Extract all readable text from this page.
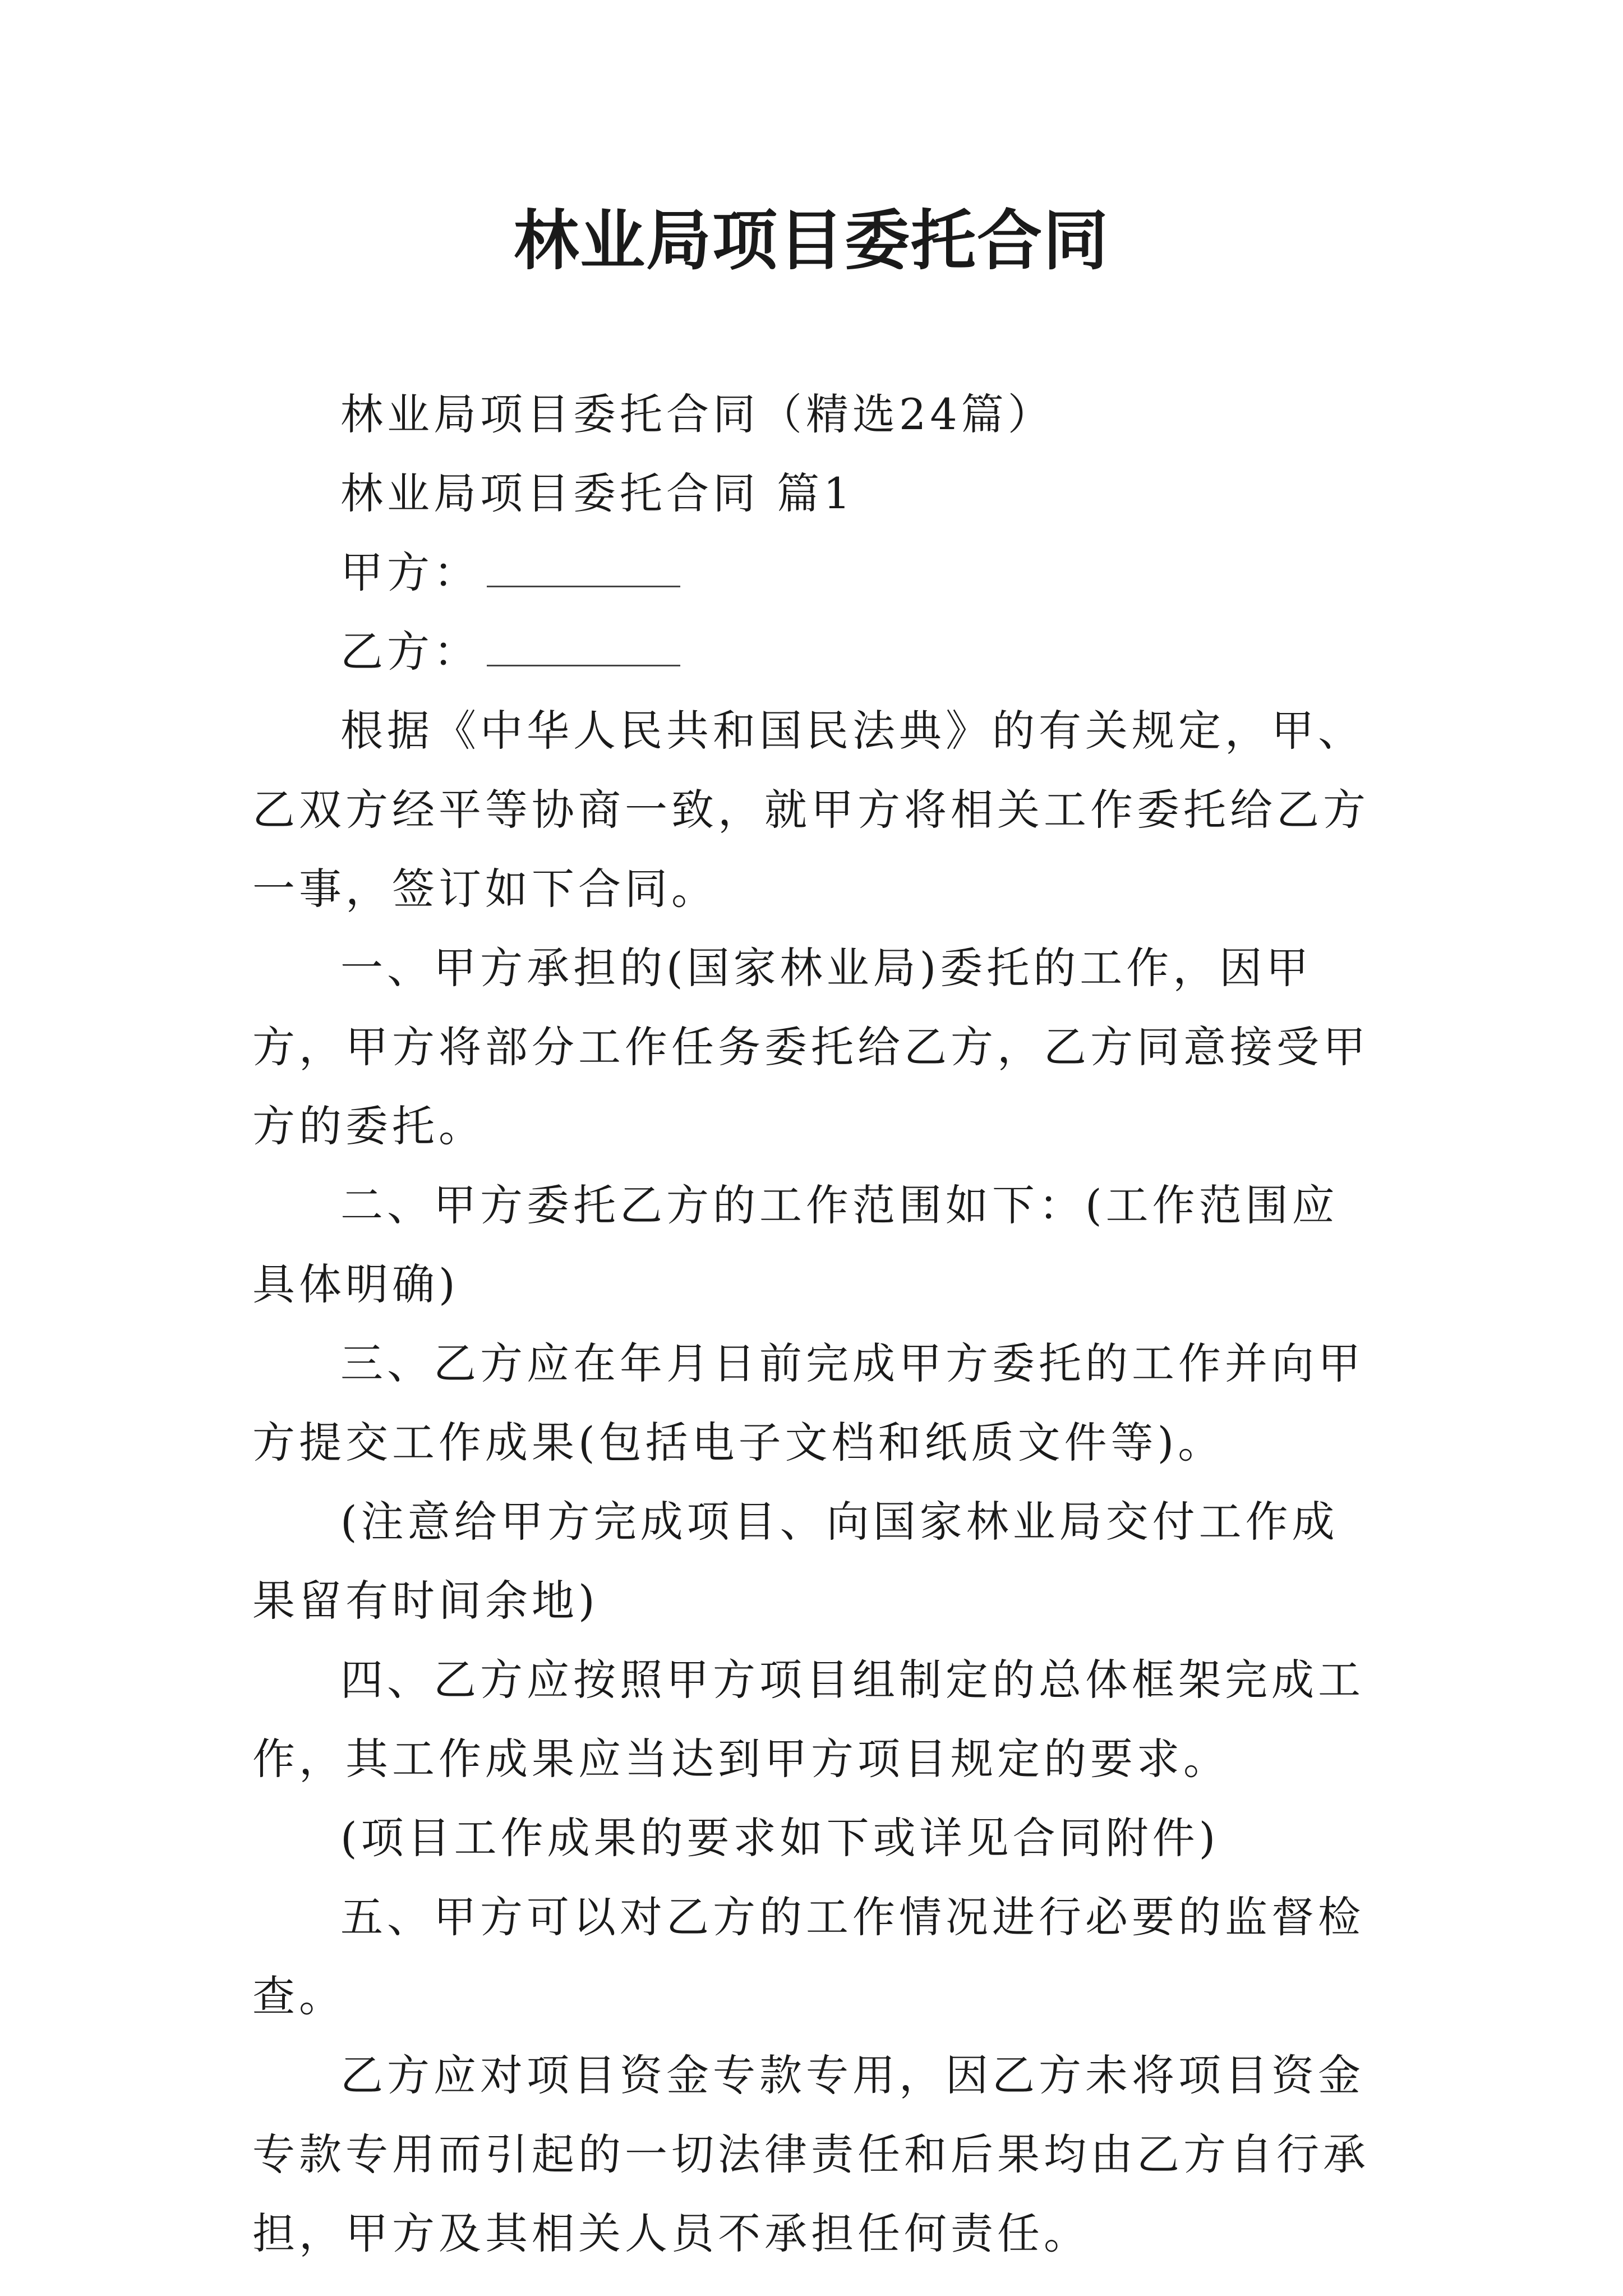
林业局项目委托合同

林业局项目委托合同（精选24篇）

林业局项目委托合同 篇1

甲方：

乙方：

根据《中华人民共和国民法典》的有关规定，甲、乙双方经平等协商一致，就甲方将相关工作委托给乙方一事，签订如下合同。

一、甲方承担的(国家林业局)委托的工作，因甲方，甲方将部分工作任务委托给乙方，乙方同意接受甲方的委托。

二、甲方委托乙方的工作范围如下：(工作范围应具体明确)

三、乙方应在年月日前完成甲方委托的工作并向甲方提交工作成果(包括电子文档和纸质文件等)。

(注意给甲方完成项目、向国家林业局交付工作成果留有时间余地)

四、乙方应按照甲方项目组制定的总体框架完成工作，其工作成果应当达到甲方项目规定的要求。

(项目工作成果的要求如下或详见合同附件)

五、甲方可以对乙方的工作情况进行必要的监督检查。

乙方应对项目资金专款专用，因乙方未将项目资金专款专用而引起的一切法律责任和后果均由乙方自行承担，甲方及其相关人员不承担任何责任。
